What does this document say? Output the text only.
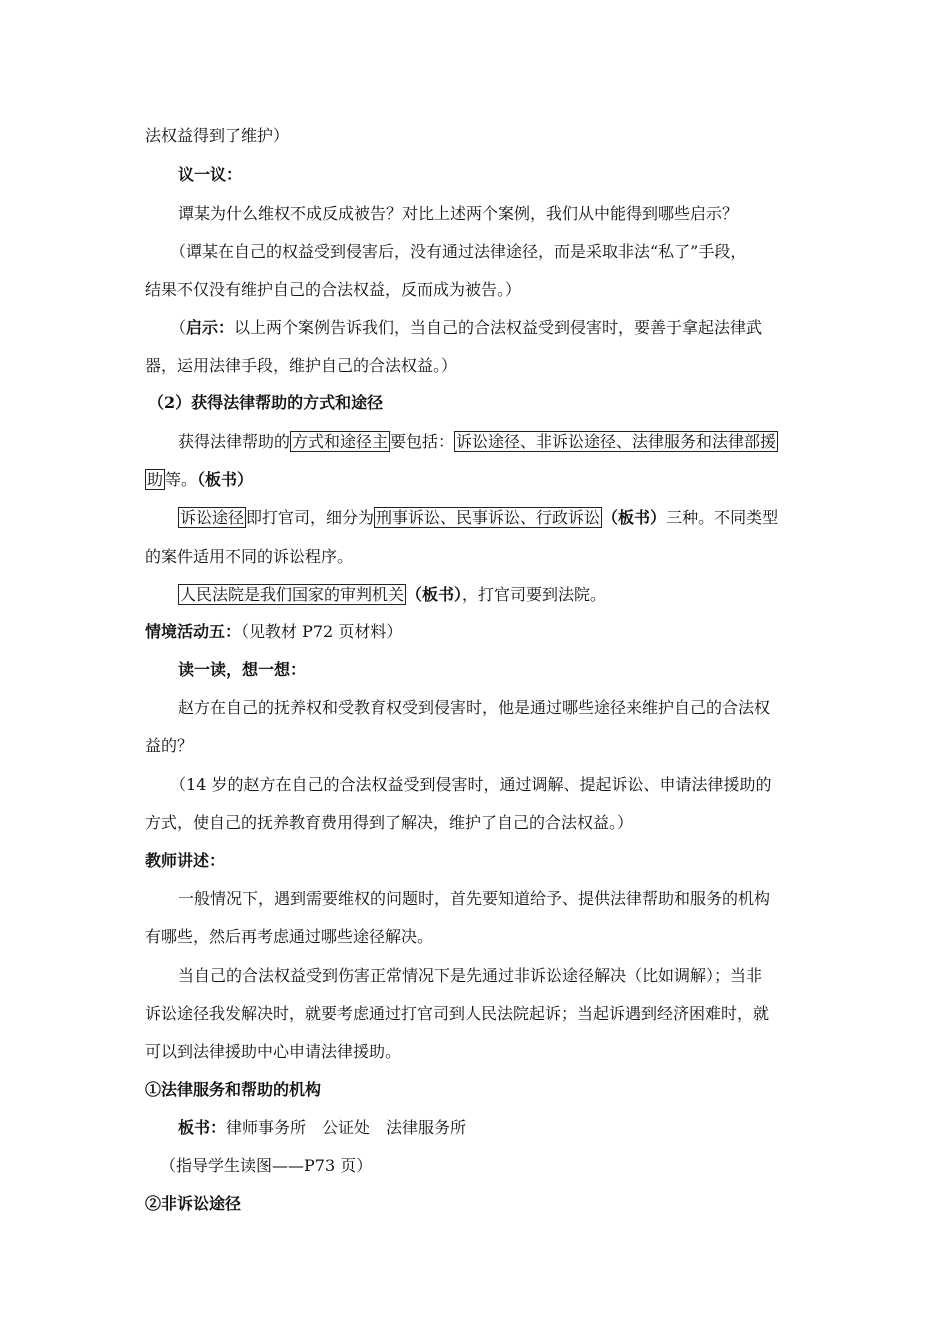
法权益得到了维护）
议一议：
谭某为什么维权不成反成被告？对比上述两个案例，我们从中能得到哪些启示？
（谭某在自己的权益受到侵害后，没有通过法律途径，而是采取非法“私了”手段，
结果不仅没有维护自己的合法权益，反而成为被告。）
（启示：以上两个案例告诉我们，当自己的合法权益受到侵害时，要善于拿起法律武
器，运用法律手段，维护自己的合法权益。）
（2）获得法律帮助的方式和途径
获得法律帮助的 方式和途径主 要包括： 诉讼途径、非诉讼途径、法律服务和法律部援
助 等。（板书）
诉讼途径 即打官司，细分为 刑事诉讼、民事诉讼、行政诉讼 （板书）三种。不同类型
的案件适用不同的诉讼程序。
人民法院是我们国家的审判机关 （板书），打官司要到法院。
情境活动五：（见教材 P72 页材料）
读一读，想一想：
赵方在自己的抚养权和受教育权受到侵害时，他是通过哪些途径来维护自己的合法权
益的？
（14 岁的赵方在自己的合法权益受到侵害时，通过调解、提起诉讼、申请法律援助的
方式，使自己的抚养教育费用得到了解决，维护了自己的合法权益。）
教师讲述：
一般情况下，遇到需要维权的问题时，首先要知道给予、提供法律帮助和服务的机构
有哪些，然后再考虑通过哪些途径解决。
当自己的合法权益受到伤害正常情况下是先通过非诉讼途径解决（比如调解）；当非
诉讼途径我发解决时，就要考虑通过打官司到人民法院起诉；当起诉遇到经济困难时，就
可以到法律援助中心申请法律援助。
①法律服务和帮助的机构
板书：律师事务所　公证处　法律服务所
（指导学生读图——P73 页）
②非诉讼途径
